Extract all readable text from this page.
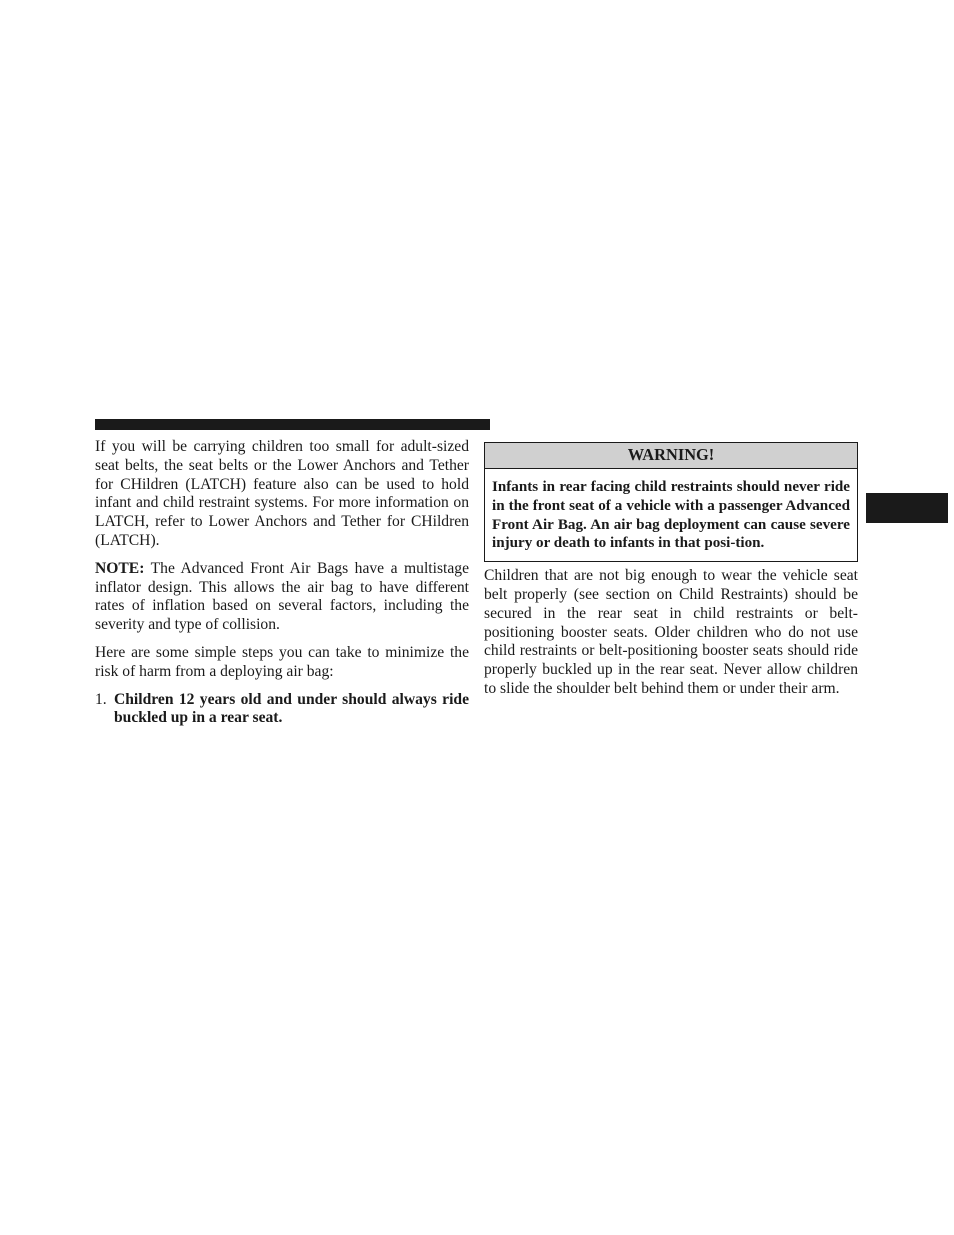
If you will be carrying children too small for adult-sized seat belts, the seat belts or the Lower Anchors and Tether for CHildren (LATCH) feature also can be used to hold infant and child restraint systems. For more information on LATCH, refer to Lower Anchors and Tether for CHildren (LATCH).

NOTE: The Advanced Front Air Bags have a multistage inflator design. This allows the air bag to have different rates of inflation based on several factors, including the severity and type of collision.

Here are some simple steps you can take to minimize the risk of harm from a deploying air bag:

1. Children 12 years old and under should always ride buckled up in a rear seat.
WARNING!
Infants in rear facing child restraints should never ride in the front seat of a vehicle with a passenger Advanced Front Air Bag. An air bag deployment can cause severe injury or death to infants in that posi-tion.

Children that are not big enough to wear the vehicle seat belt properly (see section on Child Restraints) should be secured in the rear seat in child restraints or belt-positioning booster seats. Older children who do not use child restraints or belt-positioning booster seats should ride properly buckled up in the rear seat. Never allow children to slide the shoulder belt behind them or under their arm.
